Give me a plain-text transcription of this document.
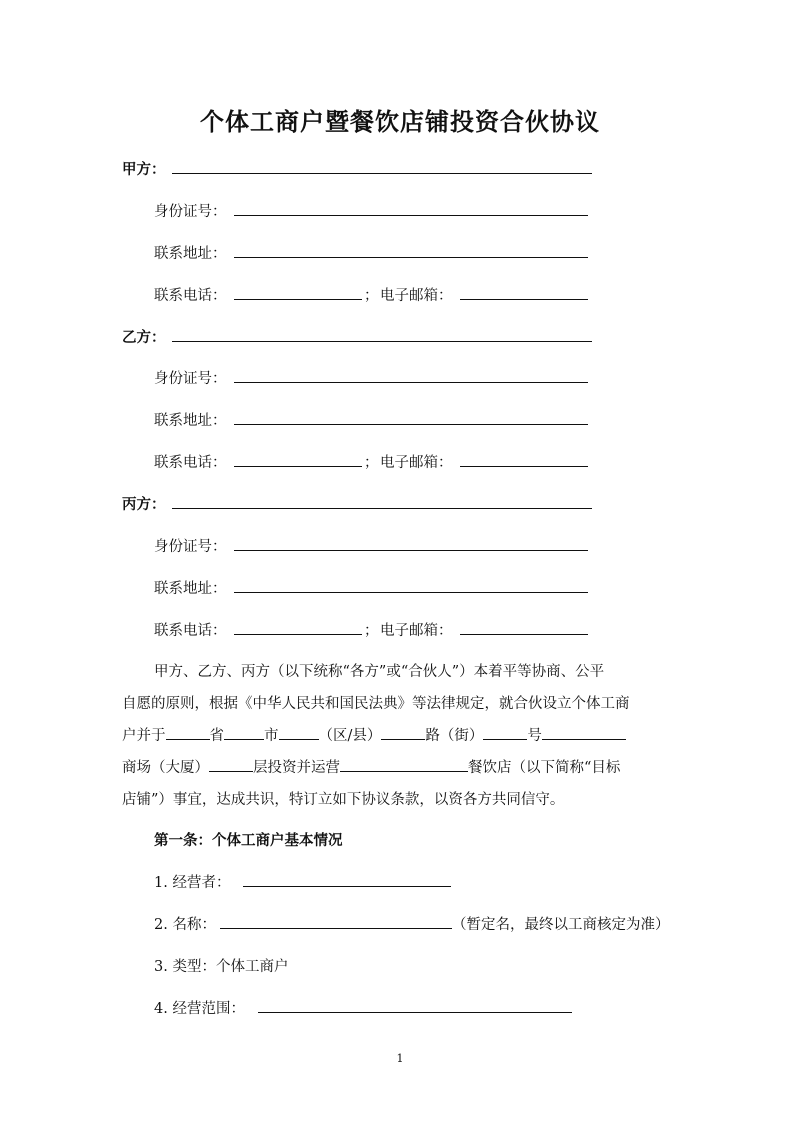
个体工商户暨餐饮店铺投资合伙协议
甲方：
身份证号：
联系地址：
联系电话：	； 电子邮箱：
乙方：
身份证号：
联系地址：
联系电话：	； 电子邮箱：
丙方：
身份证号：
联系地址：
联系电话：	； 电子邮箱：
甲方、乙方、丙方（以下统称“各方”或“合伙人”）本着平等协商、公平
自愿的原则，根据《中华人民共和国民法典》等法律规定，就合伙设立个体工商
户并于	省	市	（区/县）	路（街）	号
商场（大厦）	层投资并运营	餐饮店（以下简称“目标
店铺”）事宜，达成共识，特订立如下协议条款，以资各方共同信守。
第一条：个体工商户基本情况
1. 经营者：
2. 名称：	（暂定名，最终以工商核定为准）
3. 类型：个体工商户
4. 经营范围：
1
